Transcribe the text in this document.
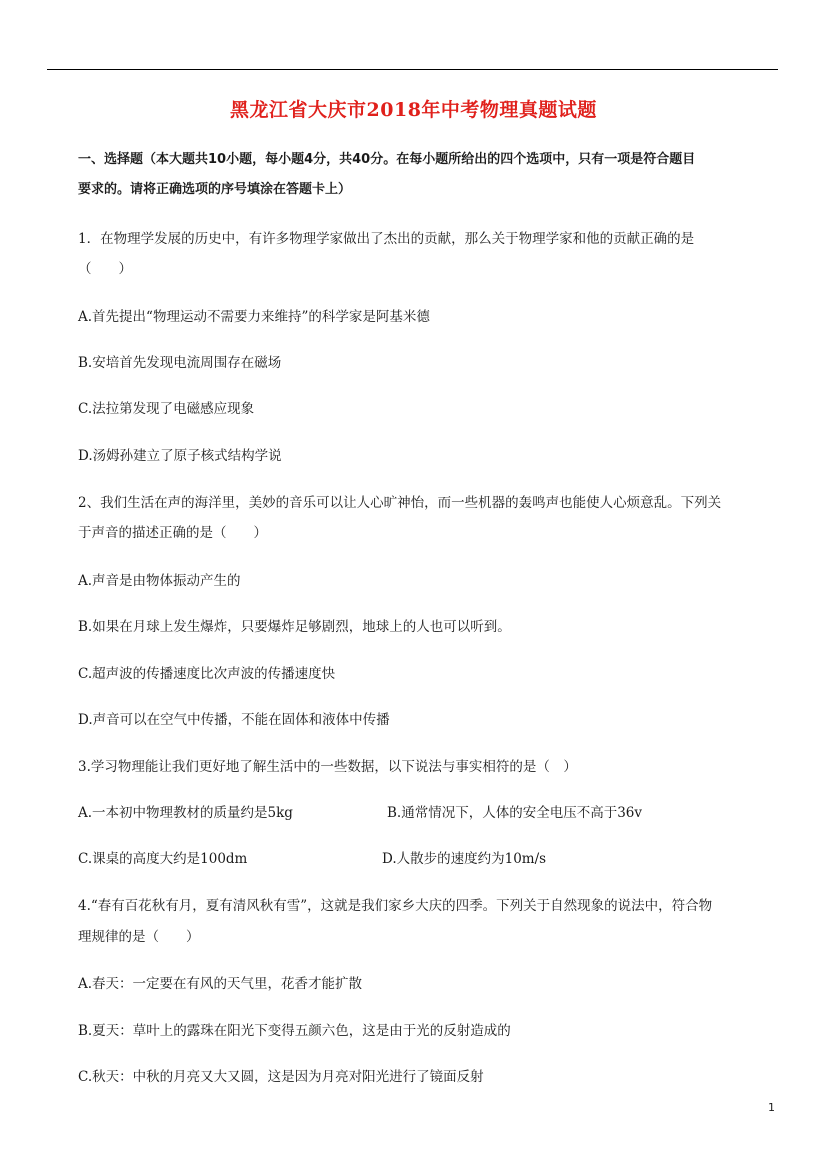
黑龙江省大庆市2018年中考物理真题试题
一、选择题（本大题共10小题，每小题4分，共40分。在每小题所给出的四个选项中，只有一项是符合题目
要求的。请将正确选项的序号填涂在答题卡上）
1．在物理学发展的历史中，有许多物理学家做出了杰出的贡献，那么关于物理学家和他的贡献正确的是
（　　）
A.首先提出“物理运动不需要力来维持”的科学家是阿基米德
B.安培首先发现电流周围存在磁场
C.法拉第发现了电磁感应现象
D.汤姆孙建立了原子核式结构学说
2、我们生活在声的海洋里，美妙的音乐可以让人心旷神怡，而一些机器的轰鸣声也能使人心烦意乱。下列关
于声音的描述正确的是（　　）
A.声音是由物体振动产生的
B.如果在月球上发生爆炸，只要爆炸足够剧烈，地球上的人也可以听到。
C.超声波的传播速度比次声波的传播速度快
D.声音可以在空气中传播，不能在固体和液体中传播
3.学习物理能让我们更好地了解生活中的一些数据，以下说法与事实相符的是（　）
A.一本初中物理教材的质量约是5kg	B.通常情况下，人体的安全电压不高于36v
C.课桌的高度大约是100dm	D.人散步的速度约为10m/s
4.“春有百花秋有月，夏有清风秋有雪”，这就是我们家乡大庆的四季。下列关于自然现象的说法中，符合物
理规律的是（　　）
A.春天：一定要在有风的天气里，花香才能扩散
B.夏天：草叶上的露珠在阳光下变得五颜六色，这是由于光的反射造成的
C.秋天：中秋的月亮又大又圆，这是因为月亮对阳光进行了镜面反射
1
